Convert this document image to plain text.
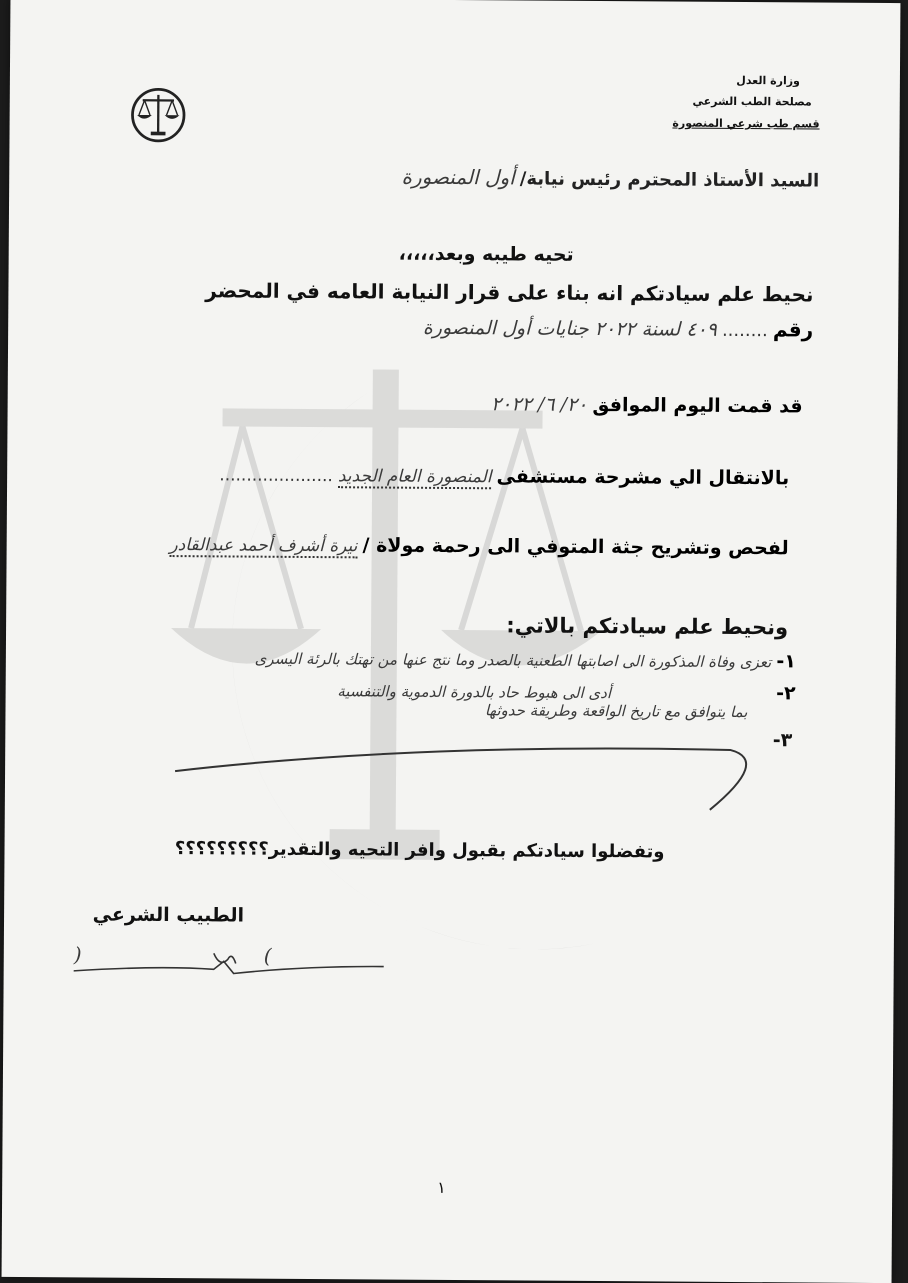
وزارة العدل
مصلحة الطب الشرعي
قسم طب شرعي المنصورة
السيد الأستاذ المحترم رئيس نيابة/ أول المنصورة
تحيه طيبه وبعد،،،،،
نحيط علم سيادتكم انه بناء على قرار النيابة العامه في المحضر
رقم ........ ٤٠٩ لسنة ٢٠٢٢ جنايات أول المنصورة
قد قمت اليوم الموافق ٢٠/ ٦/ ٢٠٢٢
بالانتقال الي مشرحة مستشفى المنصورة العام الجديد .....................
لفحص وتشريح جثة المتوفي الى رحمة مولاة / نيرة أشرف أحمد عبدالقادر
ونحيط علم سيادتكم بالاتي:
١- تعزى وفاة المذكورة الى اصابتها الطعنية بالصدر وما نتج عنها من تهتك بالرئة اليسرى
٢- أدى الى هبوط حاد بالدورة الدموية والتنفسية
بما يتوافق مع تاريخ الواقعة وطريقة حدوثها
٣-
وتفضلوا سيادتكم بقبول وافر التحيه والتقدير؟؟؟؟؟؟؟؟؟
الطبيب الشرعي
(
)
١
